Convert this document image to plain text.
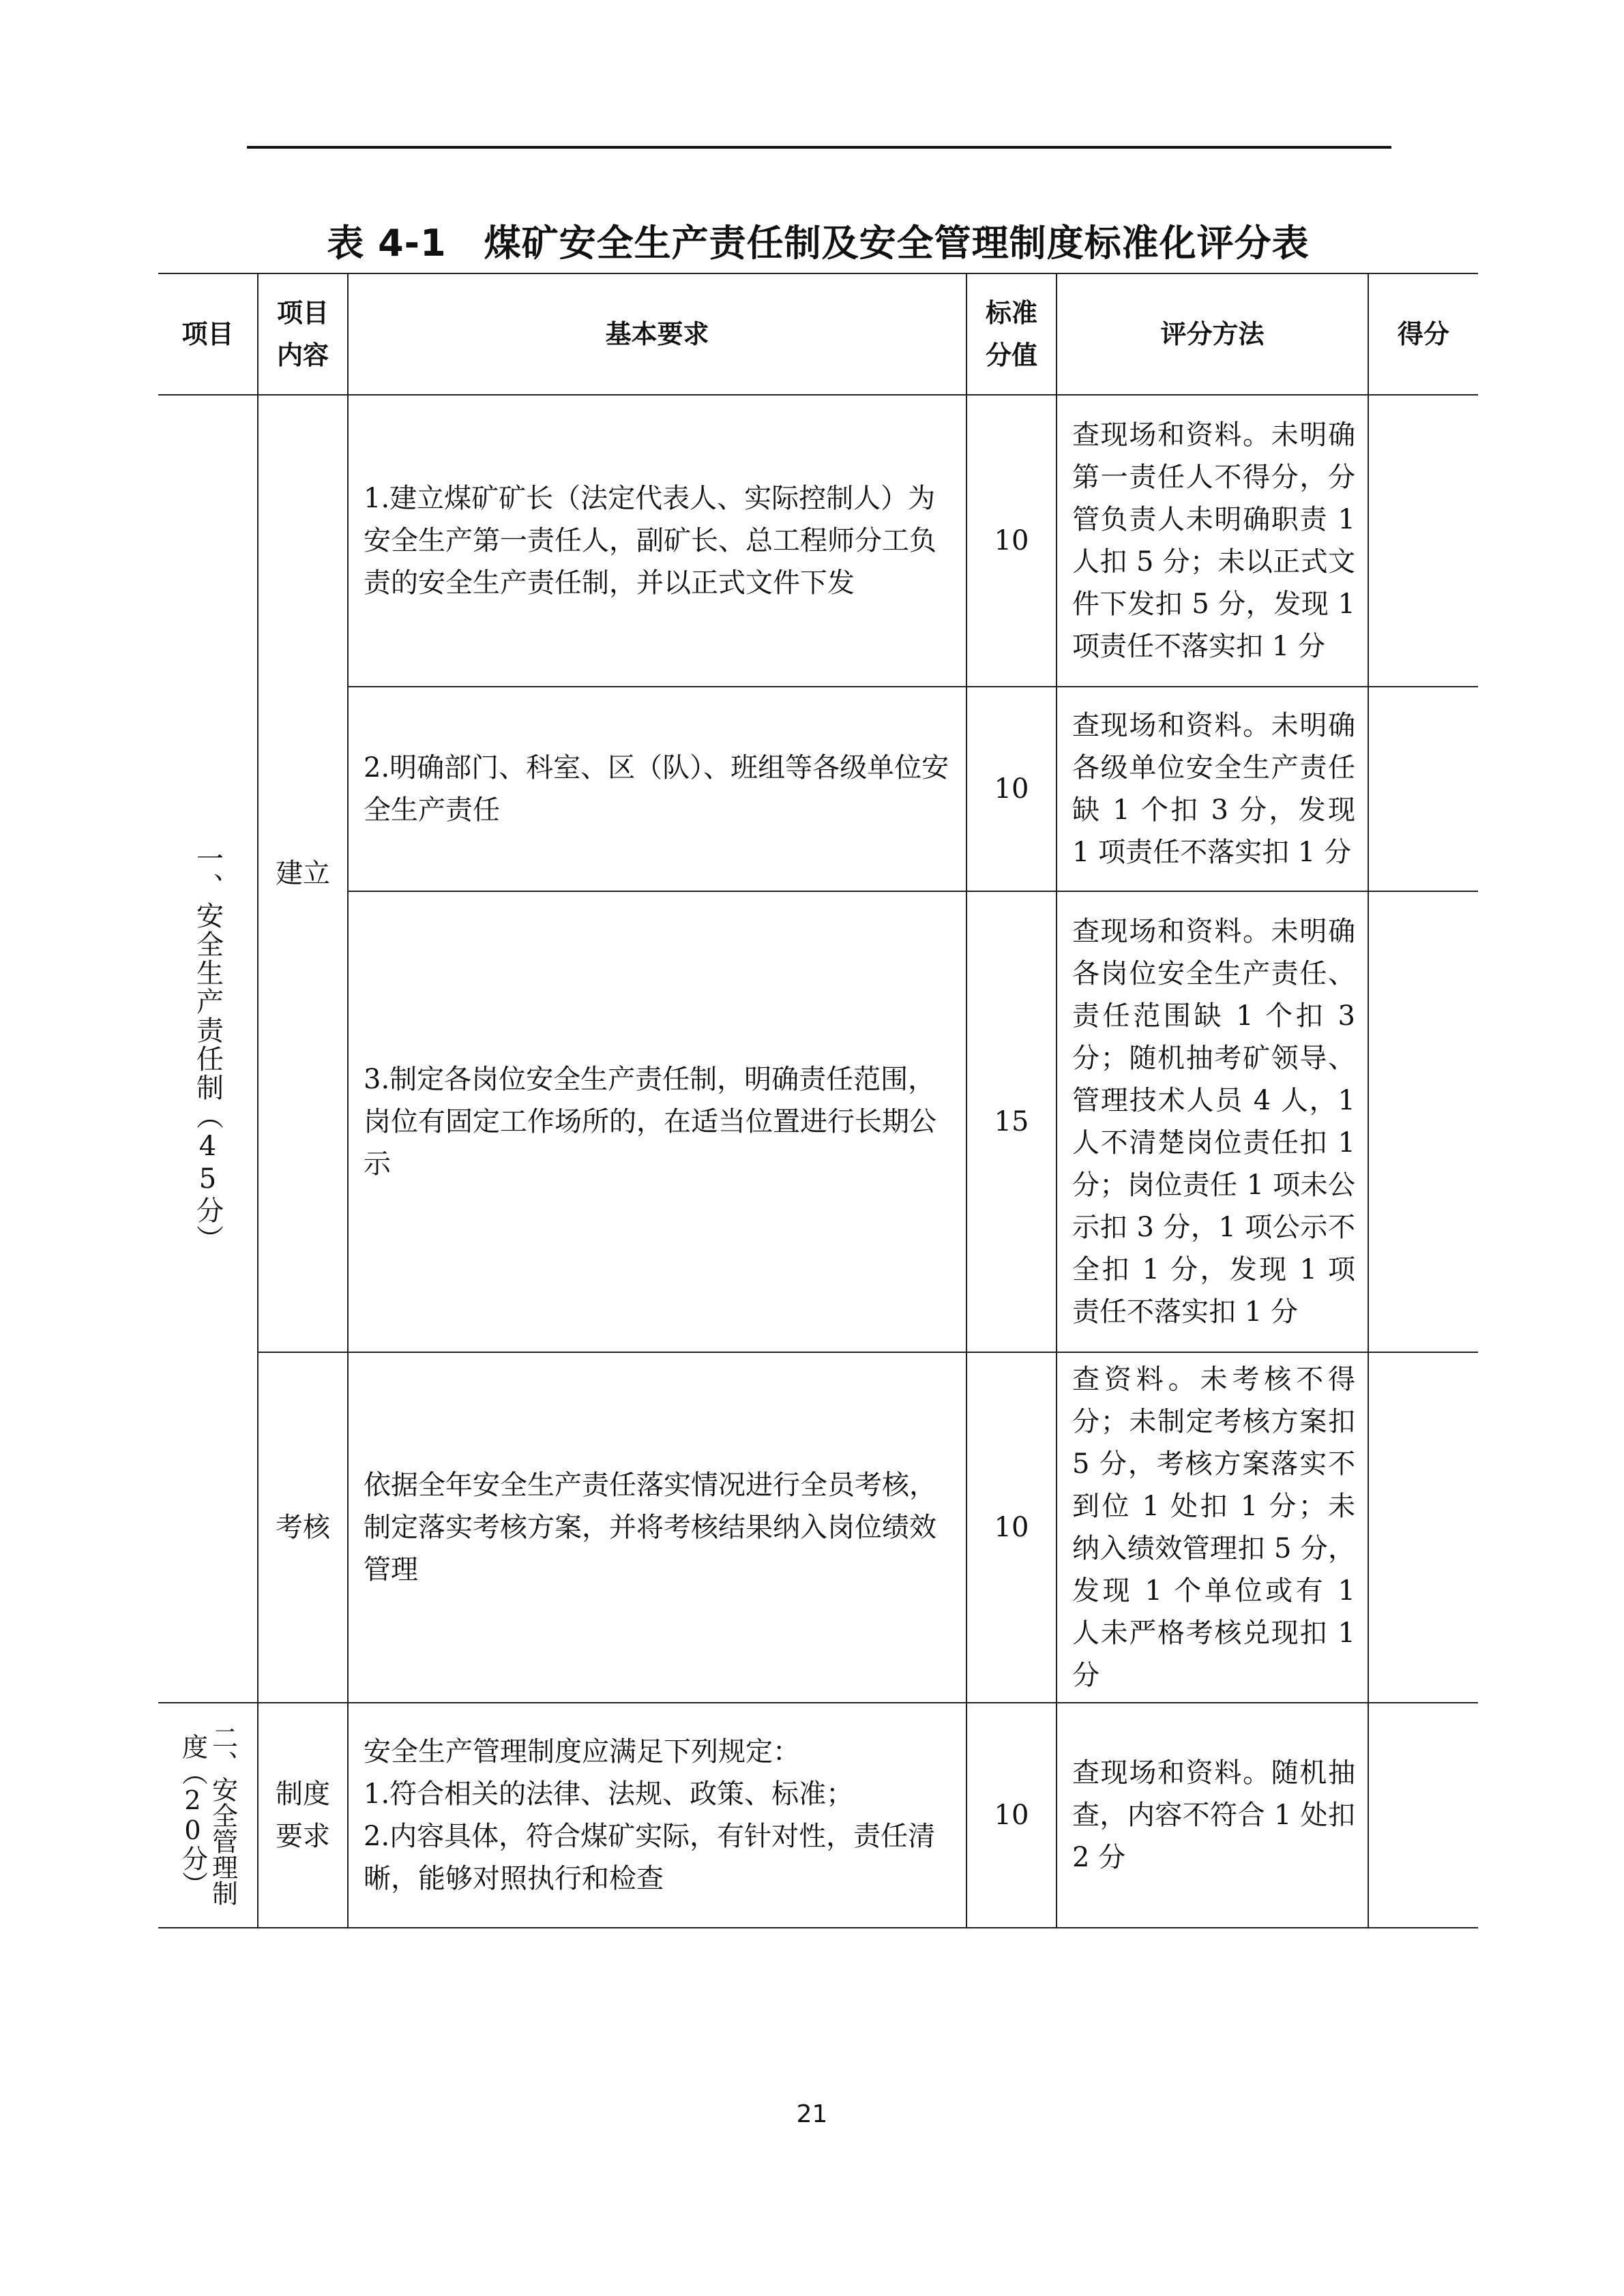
表 4-1　煤矿安全生产责任制及安全管理制度标准化评分表
项目	项目内容	基本要求	标准分值	评分方法	得分

一、安全生产责任制（45分）	建立	1.建立煤矿矿长（法定代表人、实际控制人）为安全生产第一责任人，副矿长、总工程师分工负责的安全生产责任制，并以正式文件下发	10	查现场和资料。未明确第一责任人不得分，分管负责人未明确职责 1 人扣 5 分；未以正式文件下发扣 5 分，发现 1 项责任不落实扣 1 分	
		2.明确部门、科室、区（队）、班组等各级单位安全生产责任	10	查现场和资料。未明确各级单位安全生产责任缺 1 个扣 3 分，发现 1 项责任不落实扣 1 分	
		3.制定各岗位安全生产责任制，明确责任范围，岗位有固定工作场所的，在适当位置进行长期公示	15	查现场和资料。未明确各岗位安全生产责任、责任范围缺 1 个扣 3 分；随机抽考矿领导、管理技术人员 4 人，1 人不清楚岗位责任扣 1 分；岗位责任 1 项未公示扣 3 分，1 项公示不全扣 1 分，发现 1 项责任不落实扣 1 分	
	考核	依据全年安全生产责任落实情况进行全员考核，制定落实考核方案，并将考核结果纳入岗位绩效管理	10	查资料。未考核不得分；未制定考核方案扣 5 分，考核方案落实不到位 1 处扣 1 分；未纳入绩效管理扣 5 分，发现 1 个单位或有 1 人未严格考核兑现扣 1 分	

二、安全管理制度（20分）	制度要求	安全生产管理制度应满足下列规定：
1.符合相关的法律、法规、政策、标准；
2.内容具体，符合煤矿实际，有针对性，责任清晰，能够对照执行和检查	10	查现场和资料。随机抽查，内容不符合 1 处扣 2 分	
21
